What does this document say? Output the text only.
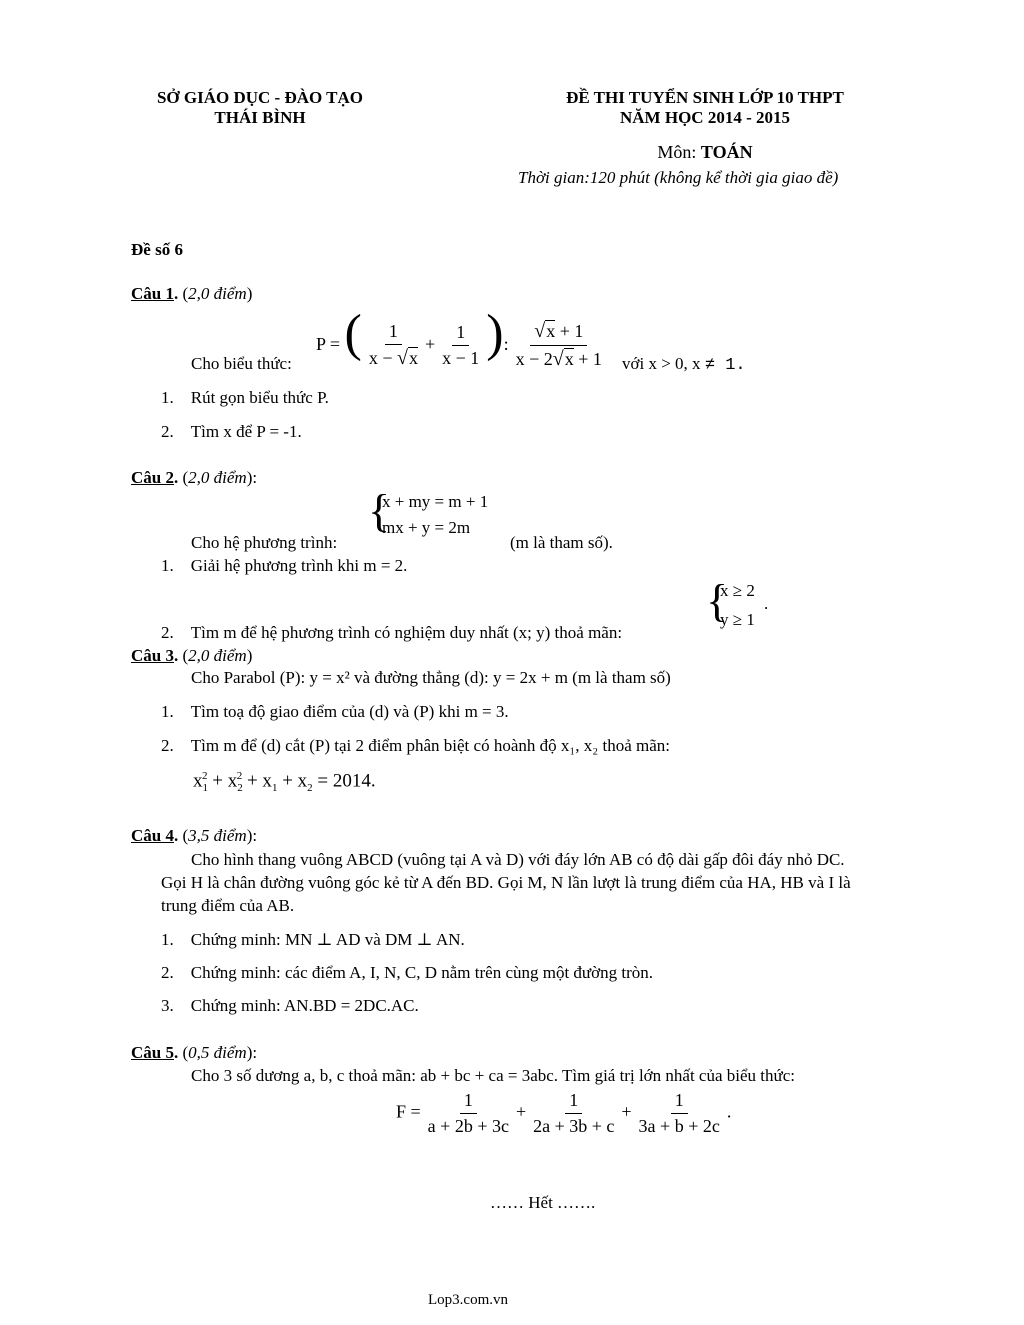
SỞ GIÁO DỤC - ĐÀO TẠO
THÁI BÌNH
ĐỀ THI TUYỂN SINH LỚP 10 THPT
NĂM HỌC 2014 - 2015
Môn: TOÁN
Thời gian:120 phút (không kể thời gia giao đề)
Đề số 6
Câu 1. (2,0 điểm)
Cho biểu thức:
P = ( $\frac{1}{x - √x} + \frac{1}{x - 1}$ ): $\frac{√x + 1}{x - 2√x + 1}$ với x > 0, x ≠ 1.
1.    Rút gọn biểu thức P.
2.    Tìm x để P = -1.
Câu 2. (2,0 điểm):
Cho hệ phương trình:
{
x + my = m + 1
mx + y = 2m
(m là tham số).
1.    Giải hệ phương trình khi m = 2.
{
x ≥ 2
y ≥ 1
.
2.    Tìm m để hệ phương trình có nghiệm duy nhất (x; y) thoả mãn:
Câu 3. (2,0 điểm)
Cho Parabol (P): y = x² và đường thẳng (d): y = 2x + m (m là tham số)
1.    Tìm toạ độ giao điểm của (d) và (P) khi m = 3.
2.    Tìm m để (d) cắt (P) tại 2 điểm phân biệt có hoành độ x₁, x₂ thoả mãn:
$x_1^2 + x_2^2 + x_1 + x_2 = 2014$.
Câu 4. (3,5 điểm):
Cho hình thang vuông ABCD (vuông tại A và D) với đáy lớn AB có độ dài gấp đôi đáy nhỏ DC.
Gọi H là chân đường vuông góc kẻ từ A đến BD. Gọi M, N lần lượt là trung điểm của HA, HB và I là
trung điểm của AB.
1.    Chứng minh: MN ⊥ AD và DM ⊥ AN.
2.    Chứng minh: các điểm A, I, N, C, D nằm trên cùng một đường tròn.
3.    Chứng minh: AN.BD = 2DC.AC.
Câu 5. (0,5 điểm):
Cho 3 số dương a, b, c thoả mãn: ab + bc + ca = 3abc. Tìm giá trị lớn nhất của biểu thức:
$F = \frac{1}{a + 2b + 3c} + \frac{1}{2a + 3b + c} + \frac{1}{3a + b + 2c}$ .
…… Hết …….
Lop3.com.vn
